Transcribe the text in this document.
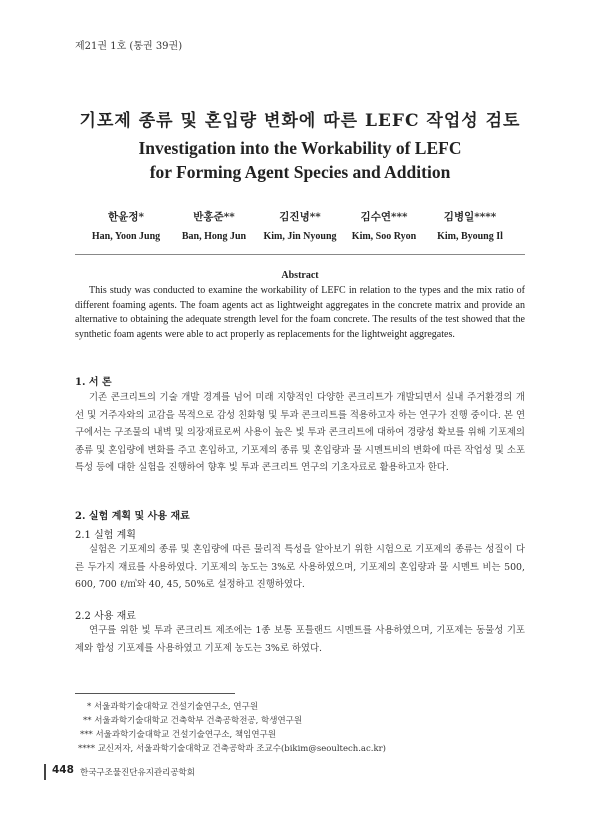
제21권 1호 (통권 39권)
기포제 종류 및 혼입량 변화에 따른 LEFC 작업성 검토
Investigation into the Workability of LEFC
for Forming Agent Species and Addition
한윤정*
Han, Yoon Jung
반홍준**
Ban, Hong Jun
김진녕**
Kim, Jin Nyoung
김수연***
Kim, Soo Ryon
김병일****
Kim, Byoung Il
Abstract
This study was conducted to examine the workability of LEFC in relation to the types and the mix ratio of different foaming agents. The foam agents act as lightweight aggregates in the concrete matrix and provide an alternative to obtaining the adequate strength level for the foam concrete. The results of the test showed that the synthetic foam agents were able to act properly as replacements for the lightweight aggregates.
1. 서 론
기존 콘크리트의 기술 개발 경계를 넘어 미래 지향적인 다양한 콘크리트가 개발되면서 실내 주거환경의 개선 및 거주자와의 교감을 목적으로 감성 친화형 및 투과 콘크리트를 적용하고자 하는 연구가 진행 중이다. 본 연구에서는 구조물의 내벽 및 의장재료로써 사용이 높은 빛 투과 콘크리트에 대하여 경량성 확보를 위해 기포제의 종류 및 혼입량에 변화를 주고 혼입하고, 기포제의 종류 및 혼입량과 물 시멘트비의 변화에 따른 작업성 및 소포특성 등에 대한 실험을 진행하여 향후 빛 투과 콘크리트 연구의 기초자료로 활용하고자 한다.
2. 실험 계획 및 사용 재료
2.1 실험 계획
실험은 기포제의 종류 및 혼입량에 따른 물리적 특성을 알아보기 위한 시험으로 기포제의 종류는 성질이 다른 두가지 재료를 사용하였다. 기포제의 농도는 3%로 사용하였으며, 기포제의 혼입량과 물 시멘트 비는 500, 600, 700 ℓ/㎥와 40, 45, 50%로 설정하고 진행하였다.
2.2 사용 재료
연구를 위한 빛 투과 콘크리트 제조에는 1종 보통 포틀랜드 시멘트를 사용하였으며, 기포제는 동물성 기포제와 합성 기포제를 사용하였고 기포제 농도는 3%로 하였다.
* 서울과학기술대학교 건설기술연구소, 연구원
** 서울과학기술대학교 건축학부 건축공학전공, 학생연구원
*** 서울과학기술대학교 건설기술연구소, 책임연구원
**** 교신저자, 서울과학기술대학교 건축공학과 조교수(bikim@seoultech.ac.kr)
448 한국구조물진단유지관리공학회
